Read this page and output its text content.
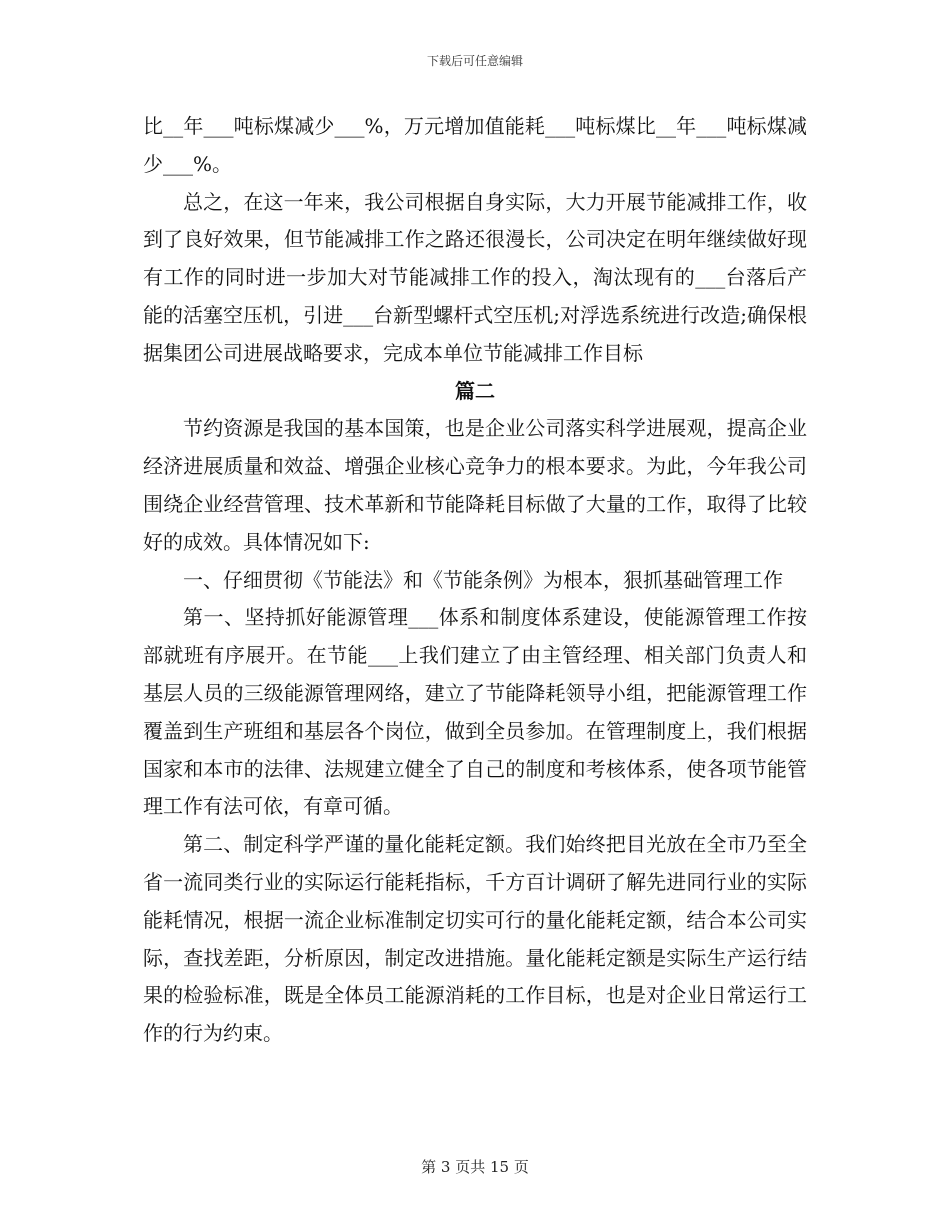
下载后可任意编辑

比__年___吨标煤减少___%，万元增加值能耗___吨标煤比__年___吨标煤减少___%。

总之，在这一年来，我公司根据自身实际，大力开展节能减排工作，收到了良好效果，但节能减排工作之路还很漫长，公司决定在明年继续做好现有工作的同时进一步加大对节能减排工作的投入，淘汰现有的___台落后产能的活塞空压机，引进___台新型螺杆式空压机;对浮选系统进行改造;确保根据集团公司进展战略要求，完成本单位节能减排工作目标

篇二

节约资源是我国的基本国策，也是企业公司落实科学进展观，提高企业经济进展质量和效益、增强企业核心竞争力的根本要求。为此，今年我公司围绕企业经营管理、技术革新和节能降耗目标做了大量的工作，取得了比较好的成效。具体情况如下:

一、仔细贯彻《节能法》和《节能条例》为根本，狠抓基础管理工作

第一、坚持抓好能源管理___体系和制度体系建设，使能源管理工作按部就班有序展开。在节能___上我们建立了由主管经理、相关部门负责人和基层人员的三级能源管理网络，建立了节能降耗领导小组，把能源管理工作覆盖到生产班组和基层各个岗位，做到全员参加。在管理制度上，我们根据国家和本市的法律、法规建立健全了自己的制度和考核体系，使各项节能管理工作有法可依，有章可循。

第二、制定科学严谨的量化能耗定额。我们始终把目光放在全市乃至全省一流同类行业的实际运行能耗指标，千方百计调研了解先进同行业的实际能耗情况，根据一流企业标准制定切实可行的量化能耗定额，结合本公司实际，查找差距，分析原因，制定改进措施。量化能耗定额是实际生产运行结果的检验标准，既是全体员工能源消耗的工作目标，也是对企业日常运行工作的行为约束。

第 3 页共 15 页
